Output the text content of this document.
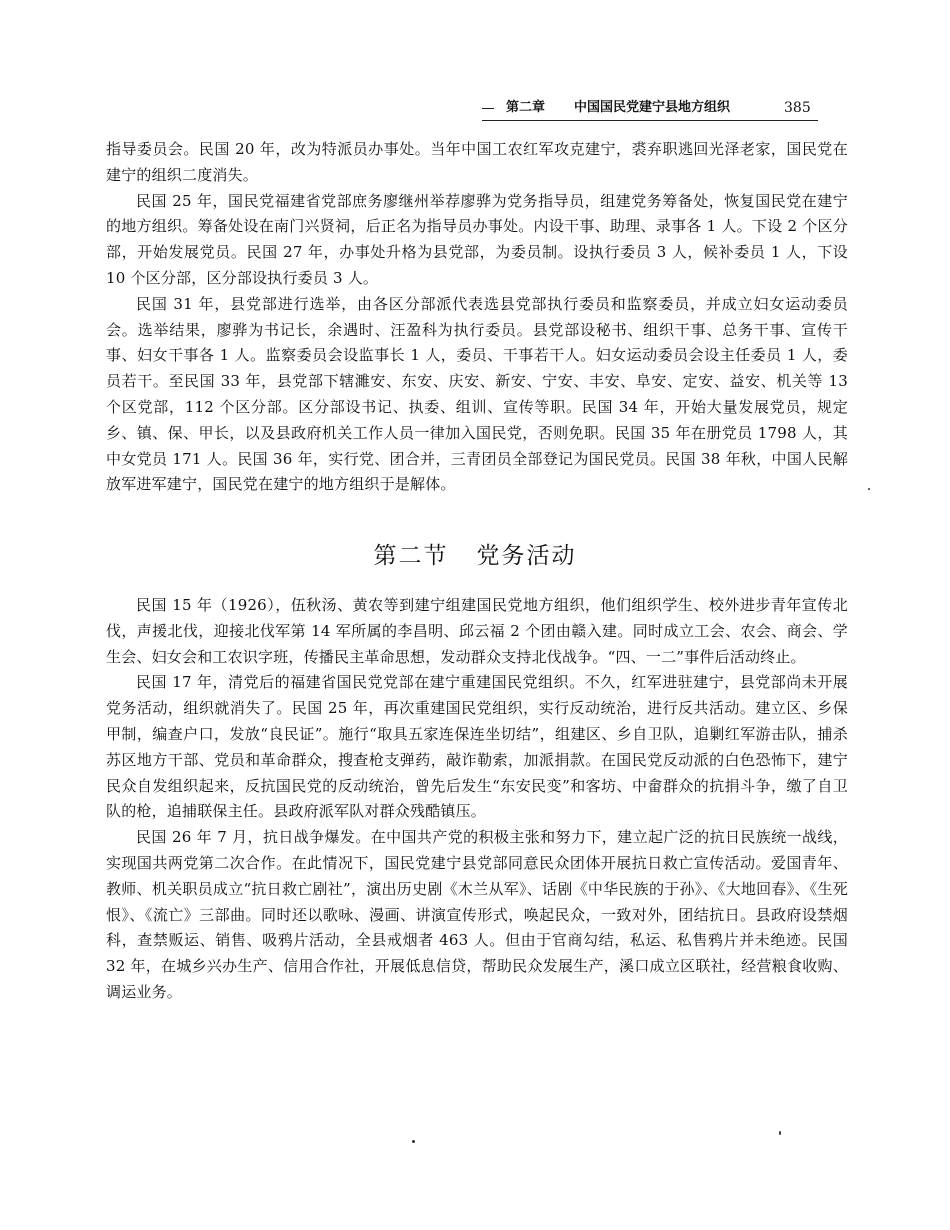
第二章 中国国民党建宁县地方组织	385

指导委员会。民国 20 年，改为特派员办事处。当年中国工农红军攻克建宁，裘弃职逃回光泽老家，国民党在建宁的组织二度消失。

民国 25 年，国民党福建省党部庶务廖继州举荐廖骅为党务指导员，组建党务筹备处，恢复国民党在建宁的地方组织。筹备处设在南门兴贤祠，后正名为指导员办事处。内设干事、助理、录事各 1 人。下设 2 个区分部，开始发展党员。民国 27 年，办事处升格为县党部，为委员制。设执行委员 3 人，候补委员 1 人，下设 10 个区分部，区分部设执行委员 3 人。

民国 31 年，县党部进行选举，由各区分部派代表选县党部执行委员和监察委员，并成立妇女运动委员会。选举结果，廖骅为书记长，余遇时、汪盈科为执行委员。县党部设秘书、组织干事、总务干事、宣传干事、妇女干事各 1 人。监察委员会设监事长 1 人，委员、干事若干人。妇女运动委员会设主任委员 1 人，委员若干。至民国 33 年，县党部下辖濉安、东安、庆安、新安、宁安、丰安、阜安、定安、益安、机关等 13 个区党部，112 个区分部。区分部设书记、执委、组训、宣传等职。民国 34 年，开始大量发展党员，规定乡、镇、保、甲长，以及县政府机关工作人员一律加入国民党，否则免职。民国 35 年在册党员 1798 人，其中女党员 171 人。民国 36 年，实行党、团合并，三青团员全部登记为国民党员。民国 38 年秋，中国人民解放军进军建宁，国民党在建宁的地方组织于是解体。

第二节 党务活动

民国 15 年（1926），伍秋汤、黄农等到建宁组建国民党地方组织，他们组织学生、校外进步青年宣传北伐，声援北伐，迎接北伐军第 14 军所属的李昌明、邱云福 2 个团由赣入建。同时成立工会、农会、商会、学生会、妇女会和工农识字班，传播民主革命思想，发动群众支持北伐战争。“四、一二”事件后活动终止。

民国 17 年，清党后的福建省国民党党部在建宁重建国民党组织。不久，红军进驻建宁，县党部尚未开展党务活动，组织就消失了。民国 25 年，再次重建国民党组织，实行反动统治，进行反共活动。建立区、乡保甲制，编查户口，发放“良民证”。施行“取具五家连保连坐切结”，组建区、乡自卫队，追剿红军游击队，捕杀苏区地方干部、党员和革命群众，搜查枪支弹药，敲诈勒索，加派捐款。在国民党反动派的白色恐怖下，建宁民众自发组织起来，反抗国民党的反动统治，曾先后发生“东安民变”和客坊、中畲群众的抗捐斗争，缴了自卫队的枪，追捕联保主任。县政府派军队对群众残酷镇压。

民国 26 年 7 月，抗日战争爆发。在中国共产党的积极主张和努力下，建立起广泛的抗日民族统一战线，实现国共两党第二次合作。在此情况下，国民党建宁县党部同意民众团体开展抗日救亡宣传活动。爱国青年、教师、机关职员成立“抗日救亡剧社”，演出历史剧《木兰从军》、话剧《中华民族的于孙》、《大地回春》、《生死恨》、《流亡》三部曲。同时还以歌咏、漫画、讲演宣传形式，唤起民众，一致对外，团结抗日。县政府设禁烟科，查禁贩运、销售、吸鸦片活动，全县戒烟者 463 人。但由于官商勾结，私运、私售鸦片并未绝迹。民国 32 年，在城乡兴办生产、信用合作社，开展低息信贷，帮助民众发展生产，溪口成立区联社，经营粮食收购、调运业务。
